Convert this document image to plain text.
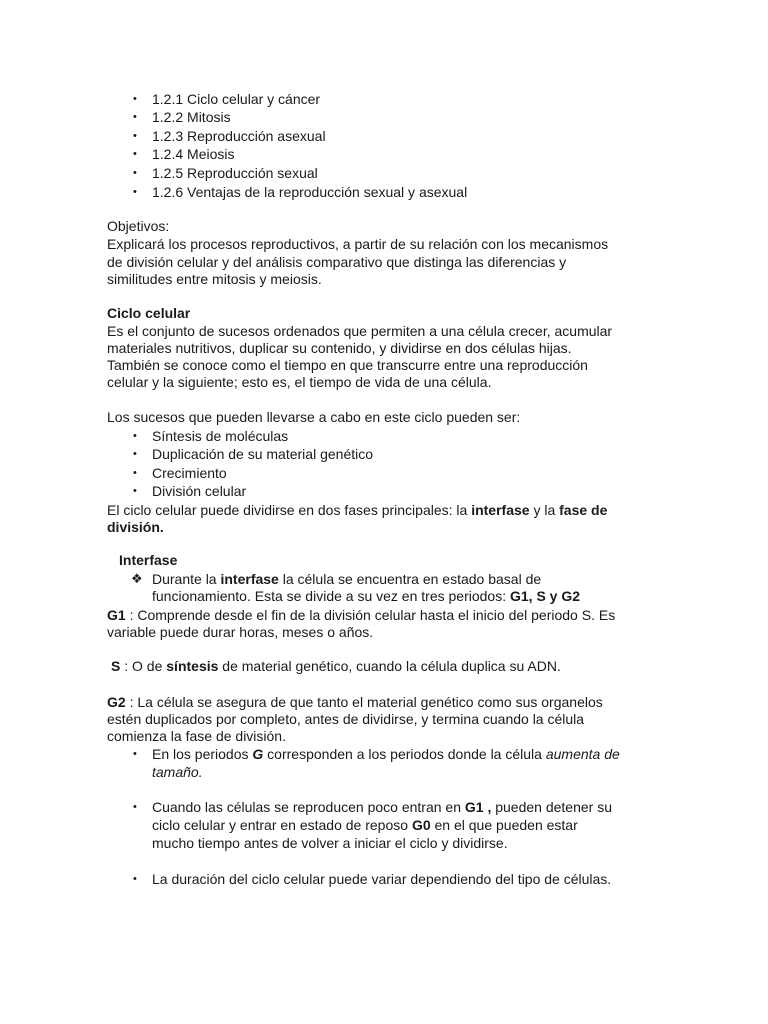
• 1.2.1 Ciclo celular y cáncer
• 1.2.2 Mitosis
• 1.2.3 Reproducción asexual
• 1.2.4 Meiosis
• 1.2.5 Reproducción sexual
• 1.2.6 Ventajas de la reproducción sexual y asexual
Objetivos:
Explicará los procesos reproductivos, a partir de su relación con los mecanismos
de división celular y del análisis comparativo que distinga las diferencias y
similitudes entre mitosis y meiosis.
Ciclo celular
Es el conjunto de sucesos ordenados que permiten a una célula crecer, acumular
materiales nutritivos, duplicar su contenido, y dividirse en dos células hijas.
También se conoce como el tiempo en que transcurre entre una reproducción
celular y la siguiente; esto es, el tiempo de vida de una célula.
Los sucesos que pueden llevarse a cabo en este ciclo pueden ser:
• Síntesis de moléculas
• Duplicación de su material genético
• Crecimiento
• División celular
El ciclo celular puede dividirse en dos fases principales: la interfase y la fase de
división.
Interfase
❖ Durante la interfase la célula se encuentra en estado basal de
funcionamiento. Esta se divide a su vez en tres periodos: G1, S y G2
G1 : Comprende desde el fin de la división celular hasta el inicio del periodo S. Es
variable puede durar horas, meses o años.
S : O de síntesis de material genético, cuando la célula duplica su ADN.
G2 : La célula se asegura de que tanto el material genético como sus organelos
estén duplicados por completo, antes de dividirse, y termina cuando la célula
comienza la fase de división.
• En los periodos G corresponden a los periodos donde la célula aumenta de
tamaño.
• Cuando las células se reproducen poco entran en G1 , pueden detener su
ciclo celular y entrar en estado de reposo G0 en el que pueden estar
mucho tiempo antes de volver a iniciar el ciclo y dividirse.
• La duración del ciclo celular puede variar dependiendo del tipo de células.
